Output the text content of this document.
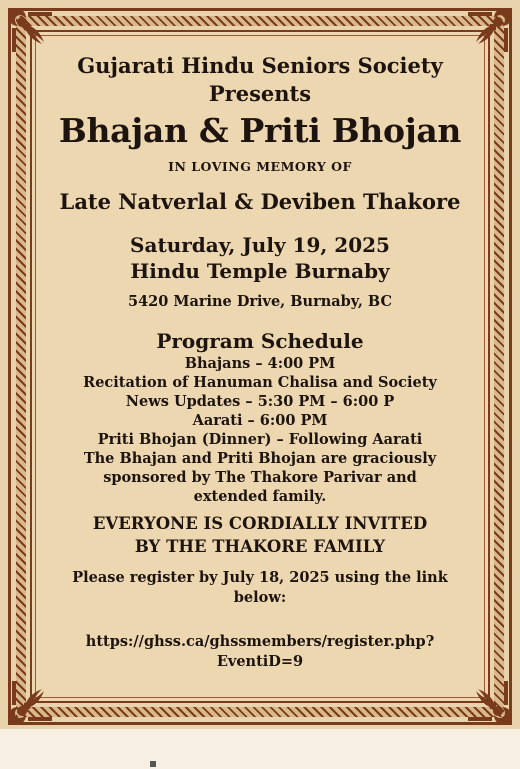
Gujarati Hindu Seniors Society
Presents
Bhajan & Priti Bhojan
IN LOVING MEMORY OF
Late Natverlal & Deviben Thakore
Saturday, July 19, 2025
Hindu Temple Burnaby
5420 Marine Drive, Burnaby, BC
Program Schedule
Bhajans – 4:00 PM
Recitation of Hanuman Chalisa and Society
News Updates – 5:30 PM – 6:00 P
Aarati – 6:00 PM
Priti Bhojan (Dinner) – Following Aarati
The Bhajan and Priti Bhojan are graciously
sponsored by The Thakore Parivar and
extended family.
EVERYONE IS CORDIALLY INVITED
BY THE THAKORE FAMILY
Please register by July 18, 2025 using the link
below:
https://ghss.ca/ghssmembers/register.php?
EventiD=9
